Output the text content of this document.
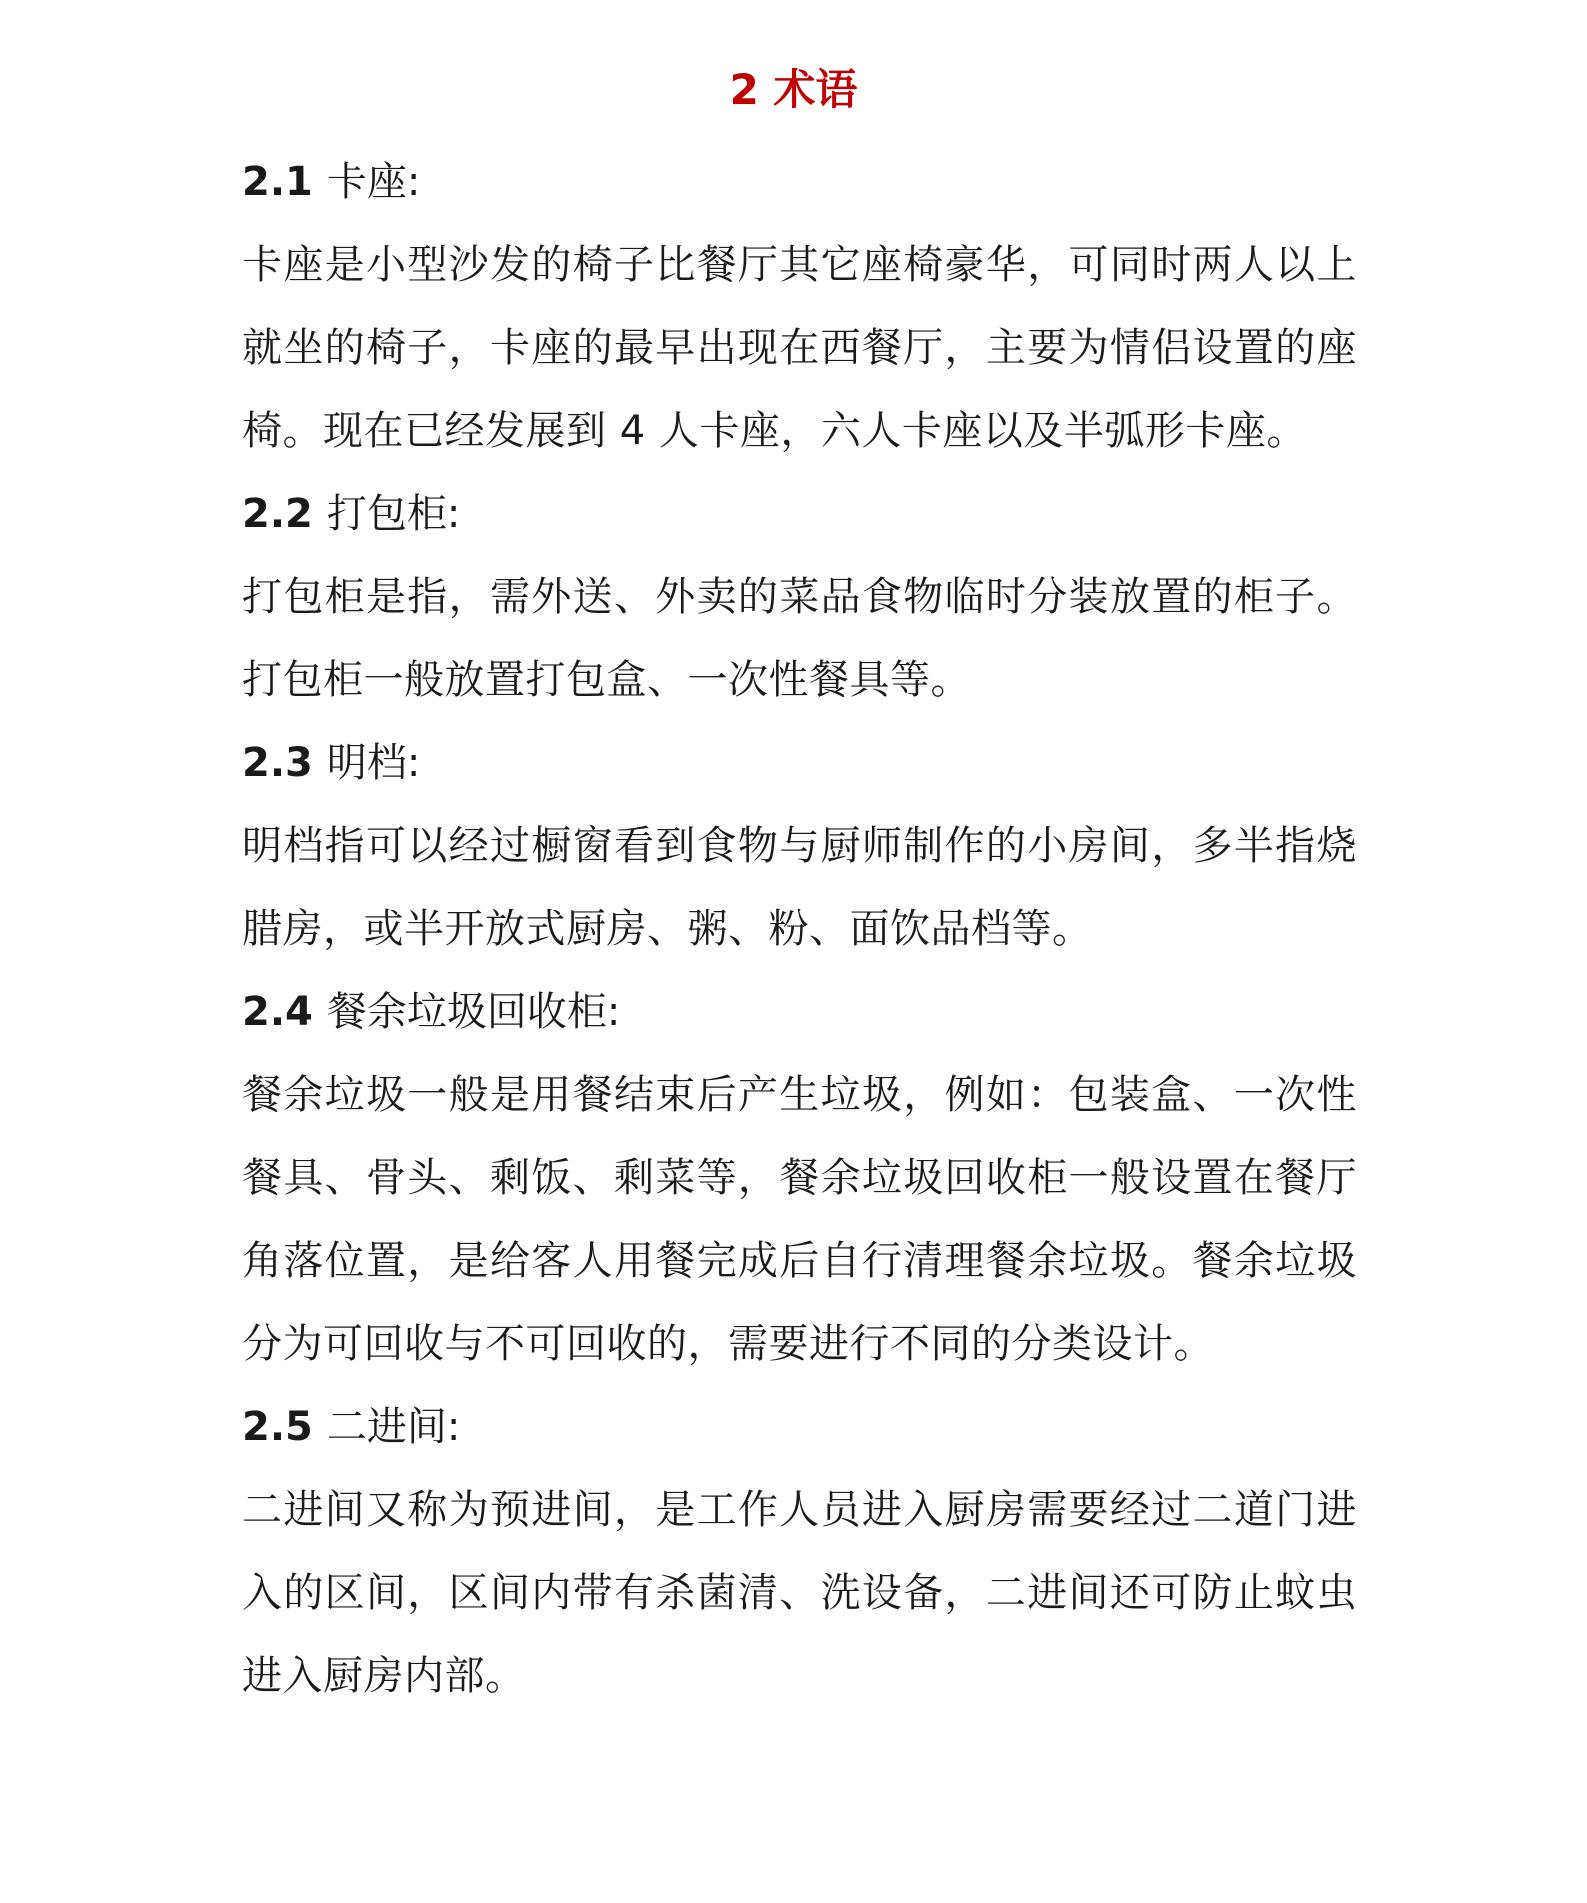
2 术语
2.1 卡座:

卡座是小型沙发的椅子比餐厅其它座椅豪华，可同时两人以上就坐的椅子，卡座的最早出现在西餐厅，主要为情侣设置的座椅。现在已经发展到 4 人卡座，六人卡座以及半弧形卡座。

2.2 打包柜:

打包柜是指，需外送、外卖的菜品食物临时分装放置的柜子。打包柜一般放置打包盒、一次性餐具等。

2.3 明档:

明档指可以经过橱窗看到食物与厨师制作的小房间，多半指烧腊房，或半开放式厨房、粥、粉、面饮品档等。

2.4 餐余垃圾回收柜:

餐余垃圾一般是用餐结束后产生垃圾，例如：包装盒、一次性餐具、骨头、剩饭、剩菜等，餐余垃圾回收柜一般设置在餐厅角落位置，是给客人用餐完成后自行清理餐余垃圾。餐余垃圾分为可回收与不可回收的，需要进行不同的分类设计。

2.5 二进间:

二进间又称为预进间，是工作人员进入厨房需要经过二道门进入的区间，区间内带有杀菌清、洗设备，二进间还可防止蚊虫进入厨房内部。
